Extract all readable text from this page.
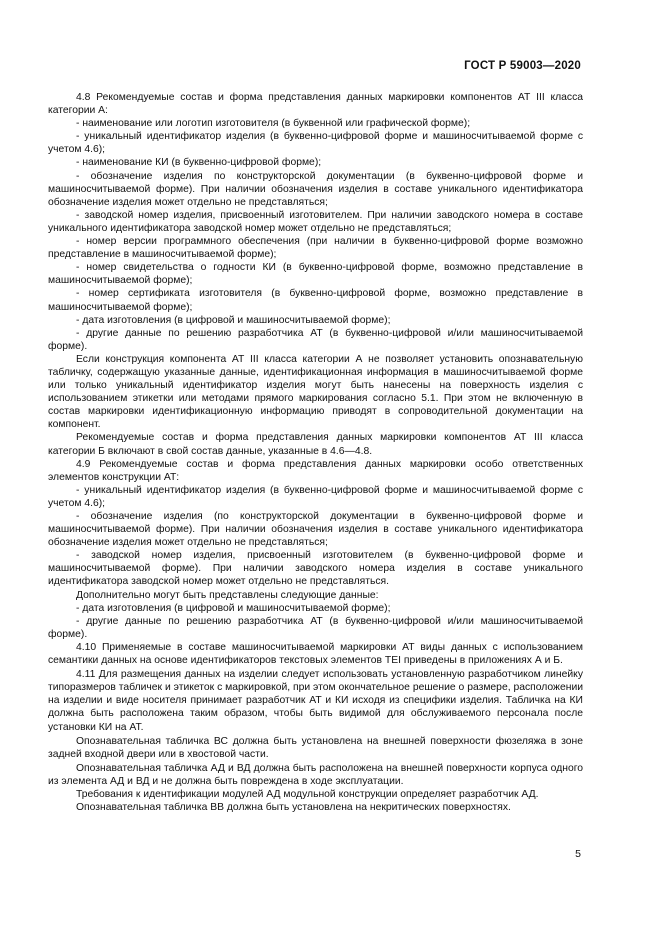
ГОСТ Р 59003—2020

4.8 Рекомендуемые состав и форма представления данных маркировки компонентов АТ III класса категории А:

- наименование или логотип изготовителя (в буквенной или графической форме);

- уникальный идентификатор изделия (в буквенно-цифровой форме и машиносчитываемой форме с учетом 4.6);

- наименование КИ (в буквенно-цифровой форме);

- обозначение изделия по конструкторской документации (в буквенно-цифровой форме и машиносчитываемой форме). При наличии обозначения изделия в составе уникального идентификатора обозначение изделия может отдельно не представляться;

- заводской номер изделия, присвоенный изготовителем. При наличии заводского номера в составе уникального идентификатора заводской номер может отдельно не представляться;

- номер версии программного обеспечения (при наличии в буквенно-цифровой форме возможно представление в машиносчитываемой форме);

- номер свидетельства о годности КИ (в буквенно-цифровой форме, возможно представление в машиносчитываемой форме);

- номер сертификата изготовителя (в буквенно-цифровой форме, возможно представление в машиносчитываемой форме);

- дата изготовления (в цифровой и машиносчитываемой форме);

- другие данные по решению разработчика АТ (в буквенно-цифровой и/или машиносчитываемой форме).

Если конструкция компонента АТ III класса категории А не позволяет установить опознавательную табличку, содержащую указанные данные, идентификационная информация в машиносчитываемой форме или только уникальный идентификатор изделия могут быть нанесены на поверхность изделия с использованием этикетки или методами прямого маркирования согласно 5.1. При этом не включенную в состав маркировки идентификационную информацию приводят в сопроводительной документации на компонент.

Рекомендуемые состав и форма представления данных маркировки компонентов АТ III класса категории Б включают в свой состав данные, указанные в 4.6—4.8.

4.9 Рекомендуемые состав и форма представления данных маркировки особо ответственных элементов конструкции АТ:

- уникальный идентификатор изделия (в буквенно-цифровой форме и машиносчитываемой форме с учетом 4.6);

- обозначение изделия (по конструкторской документации в буквенно-цифровой форме и машиносчитываемой форме). При наличии обозначения изделия в составе уникального идентификатора обозначение изделия может отдельно не представляться;

- заводской номер изделия, присвоенный изготовителем (в буквенно-цифровой форме и машиносчитываемой форме). При наличии заводского номера изделия в составе уникального идентификатора заводской номер может отдельно не представляться.

Дополнительно могут быть представлены следующие данные:

- дата изготовления (в цифровой и машиносчитываемой форме);

- другие данные по решению разработчика АТ (в буквенно-цифровой и/или машиносчитываемой форме).

4.10 Применяемые в составе машиносчитываемой маркировки АТ виды данных с использованием семантики данных на основе идентификаторов текстовых элементов TEI приведены в приложениях А и Б.

4.11 Для размещения данных на изделии следует использовать установленную разработчиком линейку типоразмеров табличек и этикеток с маркировкой, при этом окончательное решение о размере, расположении на изделии и виде носителя принимает разработчик АТ и КИ исходя из специфики изделия. Табличка на КИ должна быть расположена таким образом, чтобы быть видимой для обслуживаемого персонала после установки КИ на АТ.

Опознавательная табличка ВС должна быть установлена на внешней поверхности фюзеляжа в зоне задней входной двери или в хвостовой части.

Опознавательная табличка АД и ВД должна быть расположена на внешней поверхности корпуса одного из элемента АД и ВД и не должна быть повреждена в ходе эксплуатации.

Требования к идентификации модулей АД модульной конструкции определяет разработчик АД.

Опознавательная табличка ВВ должна быть установлена на некритических поверхностях.

5
